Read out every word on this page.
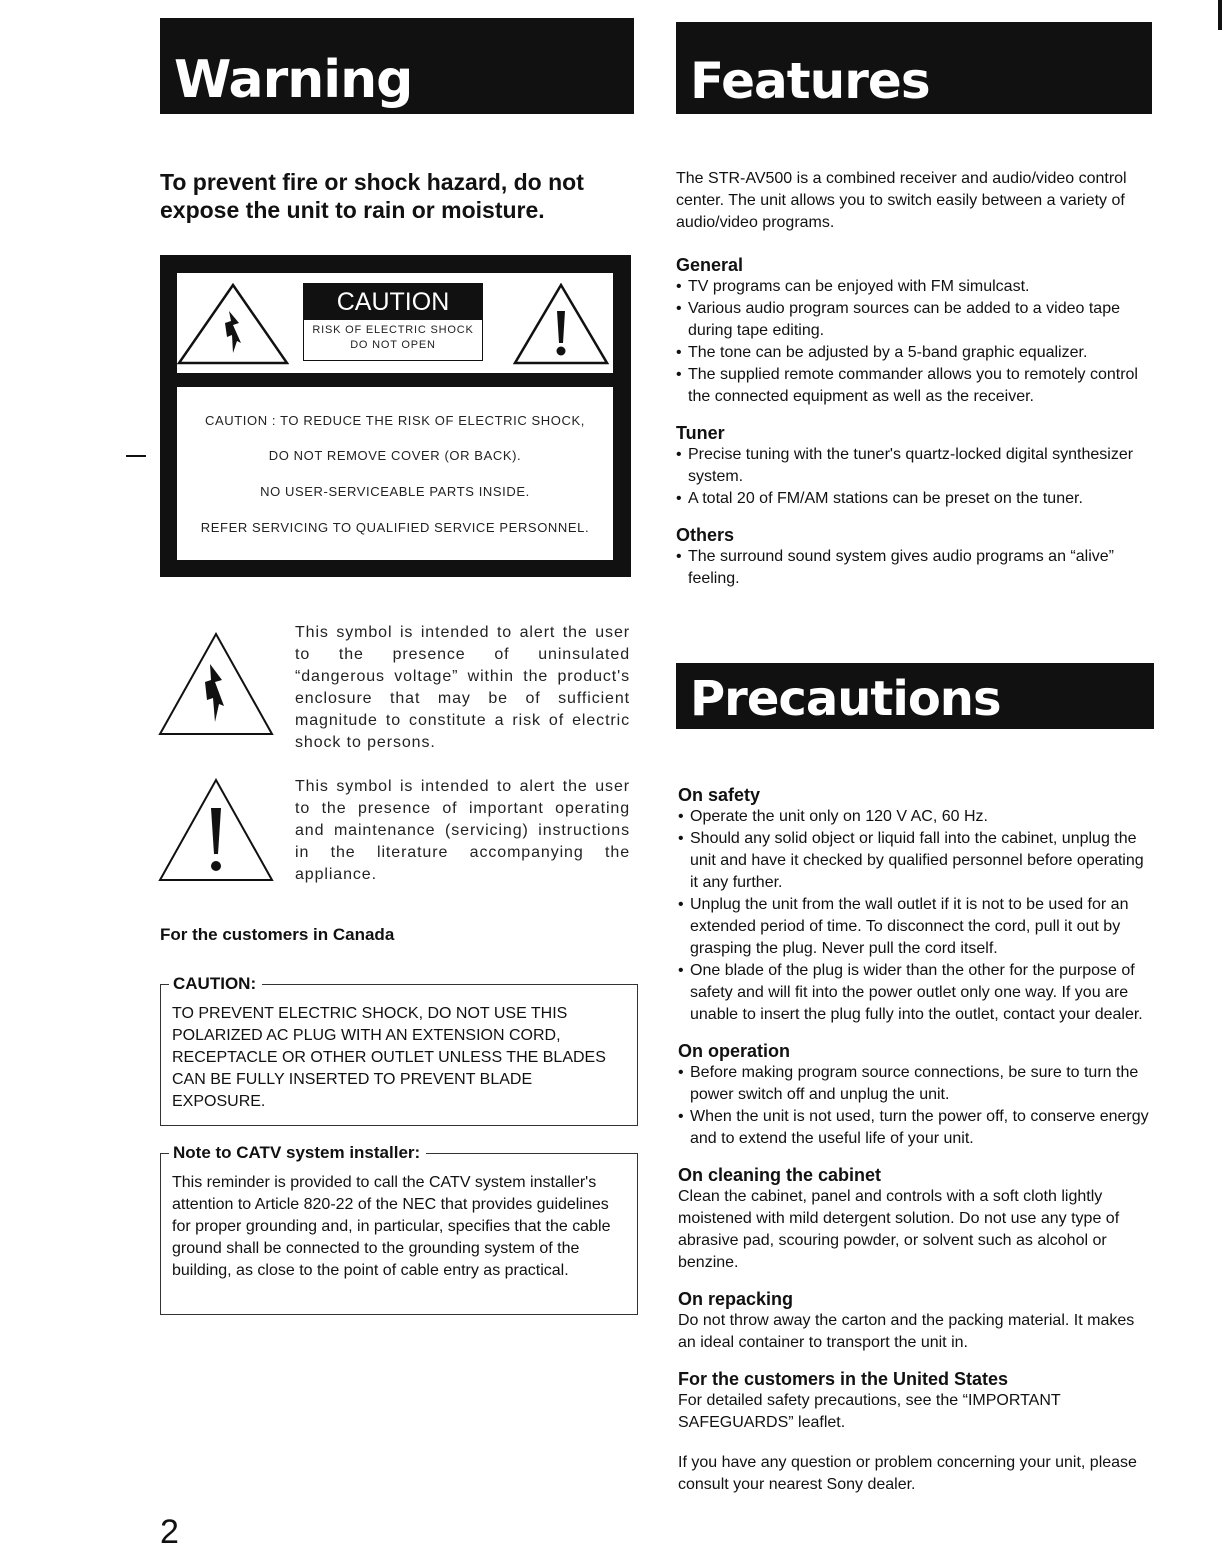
Warning
To prevent fire or shock hazard, do not expose the unit to rain or moisture.
CAUTION
RISK OF ELECTRIC SHOCK
DO NOT OPEN
CAUTION : TO REDUCE THE RISK OF ELECTRIC SHOCK,
DO NOT REMOVE COVER (OR BACK).
NO USER-SERVICEABLE PARTS INSIDE.
REFER SERVICING TO QUALIFIED SERVICE PERSONNEL.
This symbol is intended to alert the user to the presence of uninsulated “dangerous voltage” within the product's enclosure that may be of sufficient magnitude to constitute a risk of electric shock to persons.
This symbol is intended to alert the user to the presence of important operating and maintenance (servicing) instructions in the literature accompanying the appliance.
For the customers in Canada
CAUTION:
TO PREVENT ELECTRIC SHOCK, DO NOT USE THIS POLARIZED AC PLUG WITH AN EXTENSION CORD, RECEPTACLE OR OTHER OUTLET UNLESS THE BLADES CAN BE FULLY INSERTED TO PREVENT BLADE EXPOSURE.
Note to CATV system installer:
This reminder is provided to call the CATV system installer's attention to Article 820-22 of the NEC that provides guidelines for proper grounding and, in particular, specifies that the cable ground shall be connected to the grounding system of the building, as close to the point of cable entry as practical.
2
Features
The STR-AV500 is a combined receiver and audio/video control center. The unit allows you to switch easily between a variety of audio/video programs.

General

• TV programs can be enjoyed with FM simulcast.
• Various audio program sources can be added to a video tape during tape editing.
• The tone can be adjusted by a 5-band graphic equalizer.
• The supplied remote commander allows you to remotely control the connected equipment as well as the receiver.

Tuner

• Precise tuning with the tuner's quartz-locked digital synthesizer system.
• A total 20 of FM/AM stations can be preset on the tuner.

Others

• The surround sound system gives audio programs an “alive” feeling.
Precautions

On safety

• Operate the unit only on 120 V AC, 60 Hz.
• Should any solid object or liquid fall into the cabinet, unplug the unit and have it checked by qualified personnel before operating it any further.
• Unplug the unit from the wall outlet if it is not to be used for an extended period of time. To disconnect the cord, pull it out by grasping the plug. Never pull the cord itself.
• One blade of the plug is wider than the other for the purpose of safety and will fit into the power outlet only one way. If you are unable to insert the plug fully into the outlet, contact your dealer.

On operation

• Before making program source connections, be sure to turn the power switch off and unplug the unit.
• When the unit is not used, turn the power off, to conserve energy and to extend the useful life of your unit.

On cleaning the cabinet

Clean the cabinet, panel and controls with a soft cloth lightly moistened with mild detergent solution. Do not use any type of abrasive pad, scouring powder, or solvent such as alcohol or benzine.

On repacking

Do not throw away the carton and the packing material. It makes an ideal container to transport the unit in.

For the customers in the United States

For detailed safety precautions, see the “IMPORTANT SAFEGUARDS” leaflet.
If you have any question or problem concerning your unit, please consult your nearest Sony dealer.
